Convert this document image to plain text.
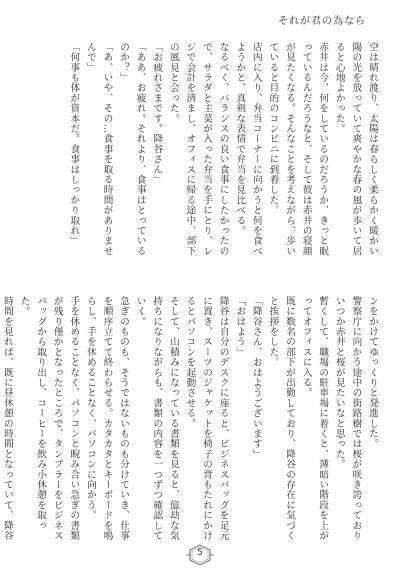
それが君の為なら
空は晴れ渡り、太陽は春らしく柔らかく暖かい陽の光を放っていて爽やかな春の風が歩いて居ると心地よかった。
赤井は今、何をしているのだろうか、きっと眠っているんだろうなと、そして彼は赤井の寝顔が見たくなる。そんなことを考えながら、歩いていると目的のコンビニに到着した。
店内に入り、弁当コーナーに向かうと何を食べようかと、真剣な表情で弁当を見比べる。
なるべく、バランスの良い食事にしたかったので、サラダと主菜が入った弁当を手にとり、レジで会計を済まし、オフィスに帰る途中、部下の風見と会った。
「お疲れさまです。降谷さん」
「ああ、お疲れ。それより、食事はとっているのか？」
「あ、いや、その…食事を取る時間がありませんで」
「何事も体が資本だ。食事はしっかり取れ」
ンをかけてゆっくりと発進した。
警察庁に向かう途中の街路樹では桜が咲き誇っておりいつか赤井と桜が見たいなと思った。
暫くして、職場の駐車場に着くと、薄暗い階段を上がってオフィスに入る。
既に数名の部下が出勤しており、降谷の存在に気づくと挨拶をした。
「降谷さん、おはようございます」
「おはよう」
降谷は自分のデスクに座ると、ビジネスバッグを足元に置き、スーツのジャケットを椅子の背もたれにかけるとパソコンを起動させる。
そして、山積みになっている書類を見ると、億劫な気持ちになりながらも、書類の内容を一つずつ確認していく。
急ぎのものも、そうではないものも分けていき、仕事を順序立てて終わらせる。カタカタとキーボードを鳴らし、手を休めることなく、パソコンに向かう。
手を休めることなく、パソコンと睨み合い急ぎの書類が残り僅かとなったところで、タンブラーをビジネスバッグから取り出し、コーヒーを飲み小休憩を取った。
時間を見れば、既に昼休憩の時間となっていて、降谷

5
